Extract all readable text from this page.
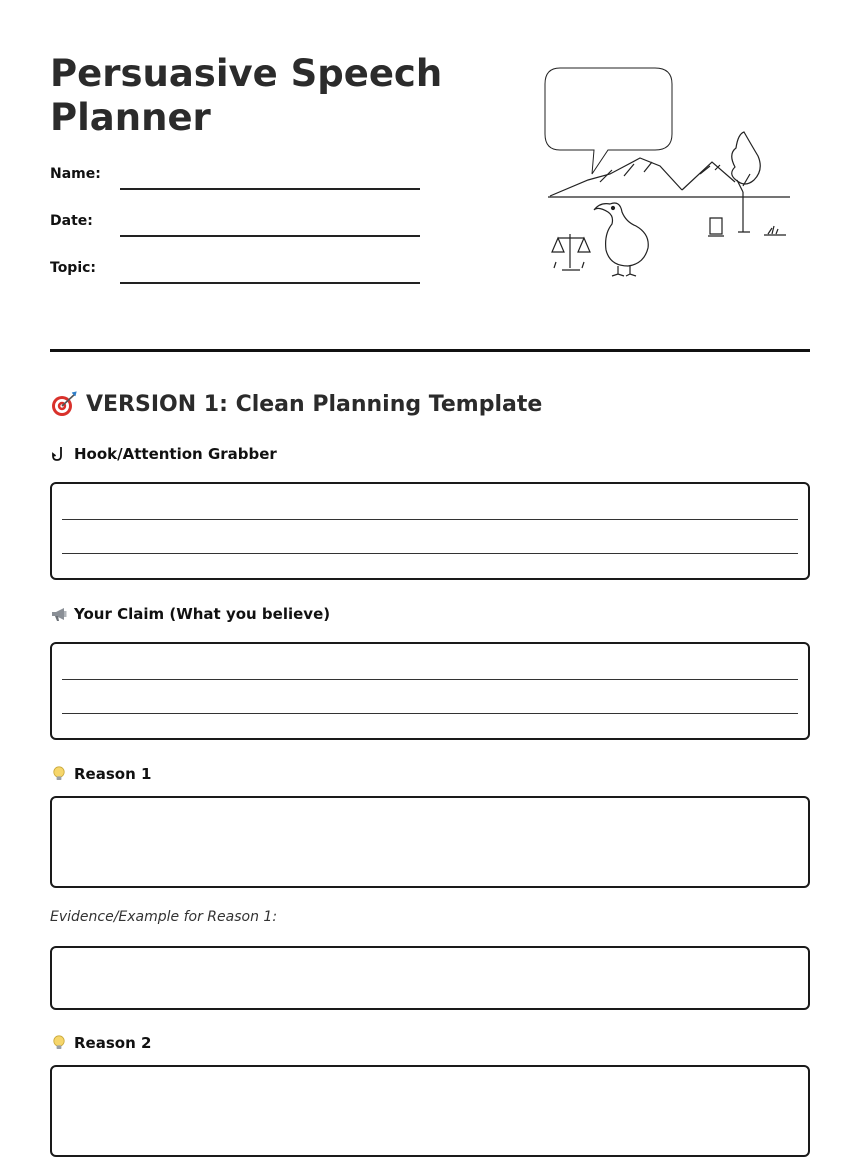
Persuasive Speech Planner
Name:
Date:
Topic:
VERSION 1: Clean Planning Template
Hook/Attention Grabber
Your Claim (What you believe)
Reason 1
Evidence/Example for Reason 1:
Reason 2
